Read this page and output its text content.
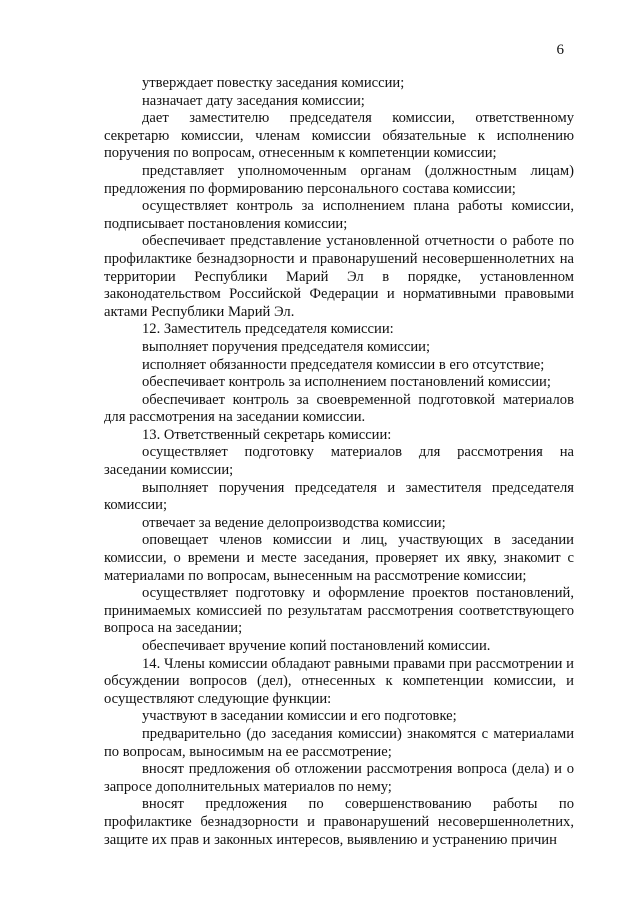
6

утверждает повестку заседания комиссии;

назначает дату заседания комиссии;

дает заместителю председателя комиссии, ответственному секретарю комиссии, членам комиссии обязательные к исполнению поручения по вопросам, отнесенным к компетенции комиссии;

представляет уполномоченным органам (должностным лицам) предложения по формированию персонального состава комиссии;

осуществляет контроль за исполнением плана работы комиссии, подписывает постановления комиссии;

обеспечивает представление установленной отчетности о работе по профилактике безнадзорности и правонарушений несовершеннолетних на территории Республики Марий Эл в порядке, установленном законодательством Российской Федерации и нормативными правовыми актами Республики Марий Эл.

12. Заместитель председателя комиссии:

выполняет поручения председателя комиссии;

исполняет обязанности председателя комиссии в его отсутствие;

обеспечивает контроль за исполнением постановлений комиссии;

обеспечивает контроль за своевременной подготовкой материалов для рассмотрения на заседании комиссии.

13. Ответственный секретарь комиссии:

осуществляет подготовку материалов для рассмотрения на заседании комиссии;

выполняет поручения председателя и заместителя председателя комиссии;

отвечает за ведение делопроизводства комиссии;

оповещает членов комиссии и лиц, участвующих в заседании комиссии, о времени и месте заседания, проверяет их явку, знакомит с материалами по вопросам, вынесенным на рассмотрение комиссии;

осуществляет подготовку и оформление проектов постановлений, принимаемых комиссией по результатам рассмотрения соответствующего вопроса на заседании;

обеспечивает вручение копий постановлений комиссии.

14. Члены комиссии обладают равными правами при рассмотрении и обсуждении вопросов (дел), отнесенных к компетенции комиссии, и осуществляют следующие функции:

участвуют в заседании комиссии и его подготовке;

предварительно (до заседания комиссии) знакомятся с материалами по вопросам, выносимым на ее рассмотрение;

вносят предложения об отложении рассмотрения вопроса (дела) и о запросе дополнительных материалов по нему;

вносят предложения по совершенствованию работы по профилактике безнадзорности и правонарушений несовершеннолетних, защите их прав и законных интересов, выявлению и устранению причин
